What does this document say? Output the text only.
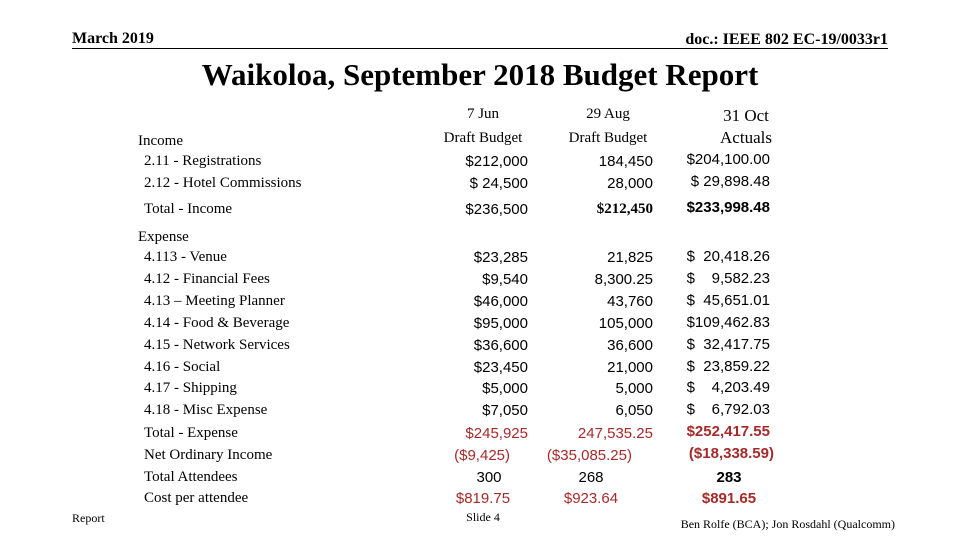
March 2019	doc.: IEEE 802 EC-19/0033r1
Waikoloa, September 2018 Budget Report
7 Jun
Draft Budget
29 Aug
Draft Budget
31 Oct
Actuals
Income
2.11 - Registrations	$212,000	184,450 $204,100.00
2.12 - Hotel Commissions	$ 24,500	28,000	$ 29,898.48
Total - Income	$236,500	$212,450 $233,998.48
Expense
4.113 - Venue	$23,285	21,825 $  20,418.26
4.12 - Financial Fees	$9,540	8,300.25 $    9,582.23
4.13 – Meeting Planner	$46,000	43,760 $  45,651.01
4.14 - Food & Beverage	$95,000	105,000 $109,462.83
4.15 - Network Services	$36,600	36,600 $  32,417.75
4.16 - Social	$23,450	21,000 $  23,859.22
4.17 - Shipping	$5,000	5,000 $    4,203.49
4.18 - Misc Expense	$7,050	6,050 $    6,792.03
Total - Expense	$245,925	247,535.25 $252,417.55
Net Ordinary Income	($9,425) ($35,085.25)	($18,338.59)
Total Attendees	300	268	283
Cost per attendee	$819.75	$923.64	$891.65
Report	Slide 4	Ben Rolfe (BCA); Jon Rosdahl (Qualcomm)
